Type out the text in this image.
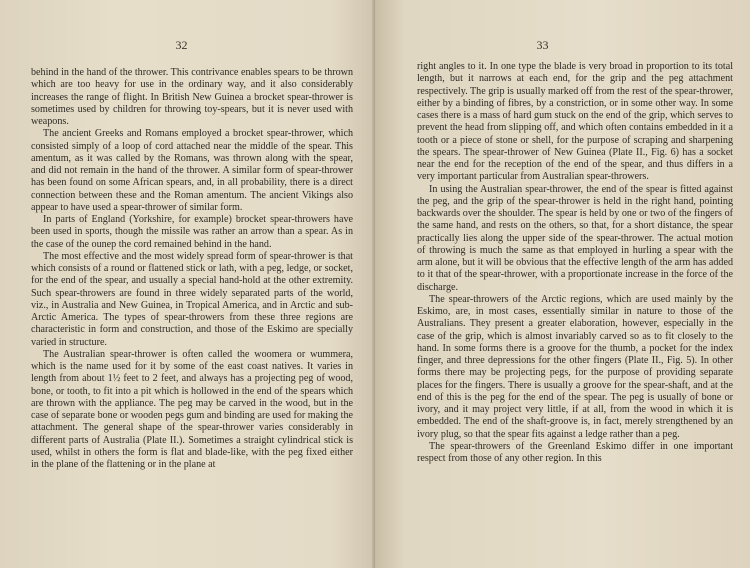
32

behind in the hand of the thrower. This contrivance enables spears to be thrown which are too heavy for use in the ordinary way, and it also considerably increases the range of flight. In British New Guinea a brocket spear-thrower is sometimes used by children for throwing toy-spears, but it is never used with weapons.

The ancient Greeks and Romans employed a brocket spear-thrower, which consisted simply of a loop of cord attached near the middle of the spear. This amentum, as it was called by the Romans, was thrown along with the spear, and did not remain in the hand of the thrower. A similar form of spear-thrower has been found on some African spears, and, in all probability, there is a direct connection between these and the Roman amentum. The ancient Vikings also appear to have used a spear-thrower of similar form.

In parts of England (Yorkshire, for example) brocket spear-throwers have been used in sports, though the missile was rather an arrow than a spear. As in the case of the ounep the cord remained behind in the hand.

The most effective and the most widely spread form of spear-thrower is that which consists of a round or flattened stick or lath, with a peg, ledge, or socket, for the end of the spear, and usually a special hand-hold at the other extremity. Such spear-throwers are found in three widely separated parts of the world, viz., in Australia and New Guinea, in Tropical America, and in Arctic and sub-Arctic America. The types of spear-throwers from these three regions are characteristic in form and construction, and those of the Eskimo are specially varied in structure.

The Australian spear-thrower is often called the woomera or wummera, which is the name used for it by some of the east coast natives. It varies in length from about 1½ feet to 2 feet, and always has a projecting peg of wood, bone, or tooth, to fit into a pit which is hollowed in the end of the spears which are thrown with the appliance. The peg may be carved in the wood, but in the case of separate bone or wooden pegs gum and binding are used for making the attachment. The general shape of the spear-thrower varies considerably in different parts of Australia (Plate II.). Sometimes a straight cylindrical stick is used, whilst in others the form is flat and blade-like, with the peg fixed either in the plane of the flattening or in the plane at

33

right angles to it. In one type the blade is very broad in proportion to its total length, but it narrows at each end, for the grip and the peg attachment respectively. The grip is usually marked off from the rest of the spear-thrower, either by a binding of fibres, by a constriction, or in some other way. In some cases there is a mass of hard gum stuck on the end of the grip, which serves to prevent the head from slipping off, and which often contains embedded in it a tooth or a piece of stone or shell, for the purpose of scraping and sharpening the spears. The spear-thrower of New Guinea (Plate II., Fig. 6) has a socket near the end for the reception of the end of the spear, and thus differs in a very important particular from Australian spear-throwers.

In using the Australian spear-thrower, the end of the spear is fitted against the peg, and the grip of the spear-thrower is held in the right hand, pointing backwards over the shoulder. The spear is held by one or two of the fingers of the same hand, and rests on the others, so that, for a short distance, the spear practically lies along the upper side of the spear-thrower. The actual motion of throwing is much the same as that employed in hurling a spear with the arm alone, but it will be obvious that the effective length of the arm has added to it that of the spear-thrower, with a proportionate increase in the force of the discharge.

The spear-throwers of the Arctic regions, which are used mainly by the Eskimo, are, in most cases, essentially similar in nature to those of the Australians. They present a greater elaboration, however, especially in the case of the grip, which is almost invariably carved so as to fit closely to the hand. In some forms there is a groove for the thumb, a pocket for the index finger, and three depressions for the other fingers (Plate II., Fig. 5). In other forms there may be projecting pegs, for the purpose of providing separate places for the fingers. There is usually a groove for the spear-shaft, and at the end of this is the peg for the end of the spear. The peg is usually of bone or ivory, and it may project very little, if at all, from the wood in which it is embedded. The end of the shaft-groove is, in fact, merely strengthened by an ivory plug, so that the spear fits against a ledge rather than a peg.

The spear-throwers of the Greenland Eskimo differ in one important respect from those of any other region. In this
